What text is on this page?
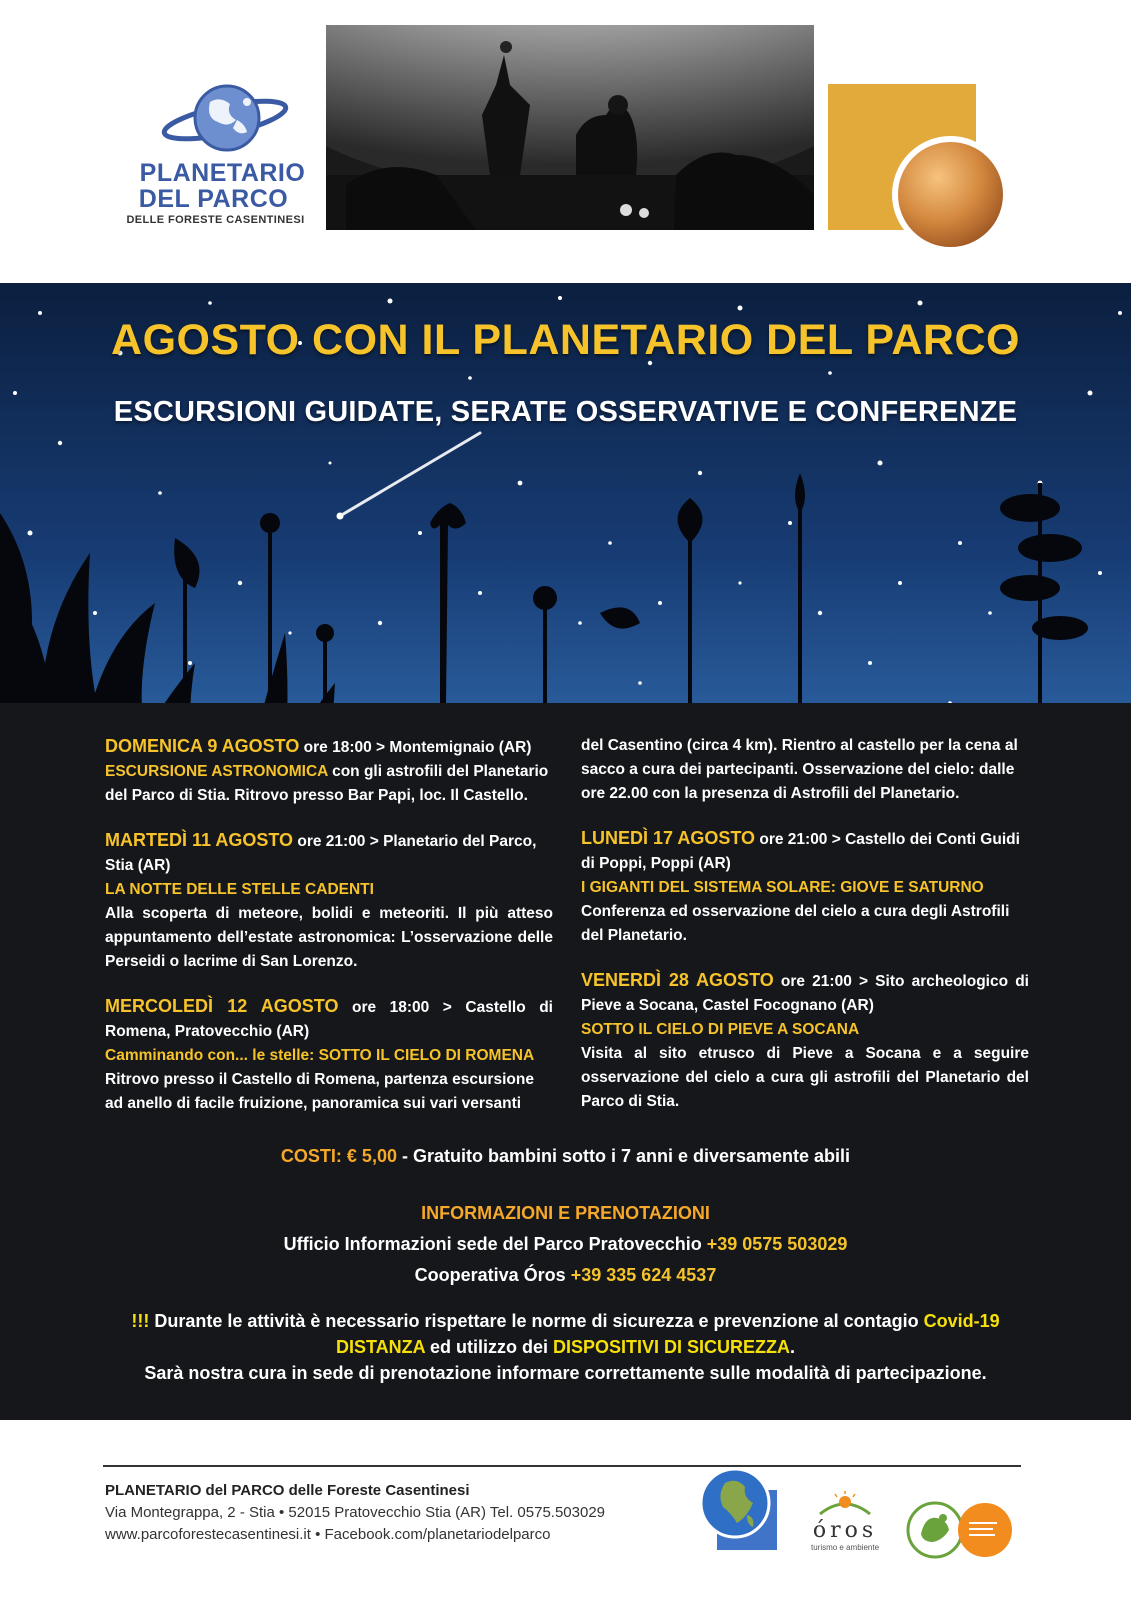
PLANETARIO
DEL PARCO
DELLE FORESTE CASENTINESI
AGOSTO CON IL PLANETARIO DEL PARCO
ESCURSIONI GUIDATE, SERATE OSSERVATIVE E CONFERENZE

DOMENICA 9 AGOSTO ore 18:00 > Montemignaio (AR)

ESCURSIONE ASTRONOMICA con gli astrofili del Planetario del Parco di Stia. Ritrovo presso Bar Papi, loc. Il Castello.

MARTEDÌ 11 AGOSTO ore 21:00 > Planetario del Parco, Stia (AR)

LA NOTTE DELLE STELLE CADENTI

Alla scoperta di meteore, bolidi e meteoriti. Il più atteso appuntamento dell’estate astronomica: L’osservazione delle Perseidi o lacrime di San Lorenzo.

MERCOLEDÌ 12 AGOSTO ore 18:00 > Castello di Romena, Pratovecchio (AR)

Camminando con... le stelle: SOTTO IL CIELO DI ROMENA

Ritrovo presso il Castello di Romena, partenza escursione ad anello di facile fruizione, panoramica sui vari versanti

del Casentino (circa 4 km). Rientro al castello per la cena al sacco a cura dei partecipanti. Osservazione del cielo: dalle ore 22.00 con la presenza di Astrofili del Planetario.

LUNEDÌ 17 AGOSTO ore 21:00 > Castello dei Conti Guidi di Poppi, Poppi (AR)

I GIGANTI DEL SISTEMA SOLARE: GIOVE E SATURNO

Conferenza ed osservazione del cielo a cura degli Astrofili del Planetario.

VENERDÌ 28 AGOSTO ore 21:00 > Sito archeologico di Pieve a Socana, Castel Focognano (AR)

SOTTO IL CIELO DI PIEVE A SOCANA

Visita al sito etrusco di Pieve a Socana e a seguire osservazione del cielo a cura gli astrofili del Planetario del Parco di Stia.

COSTI: € 5,00 - Gratuito bambini sotto i 7 anni e diversamente abili
INFORMAZIONI E PRENOTAZIONI
Ufficio Informazioni sede del Parco Pratovecchio +39 0575 503029
Cooperativa Óros +39 335 624 4537
!!! Durante le attività è necessario rispettare le norme di sicurezza e prevenzione al contagio Covid-19
DISTANZA ed utilizzo dei DISPOSITIVI DI SICUREZZA.
Sarà nostra cura in sede di prenotazione informare correttamente sulle modalità di partecipazione.
PLANETARIO del PARCO delle Foreste Casentinesi
Via Montegrappa, 2 - Stia • 52015 Pratovecchio Stia (AR) Tel. 0575.503029
www.parcoforestecasentinesi.it • Facebook.com/planetariodelparco	óros
turismo e ambiente
